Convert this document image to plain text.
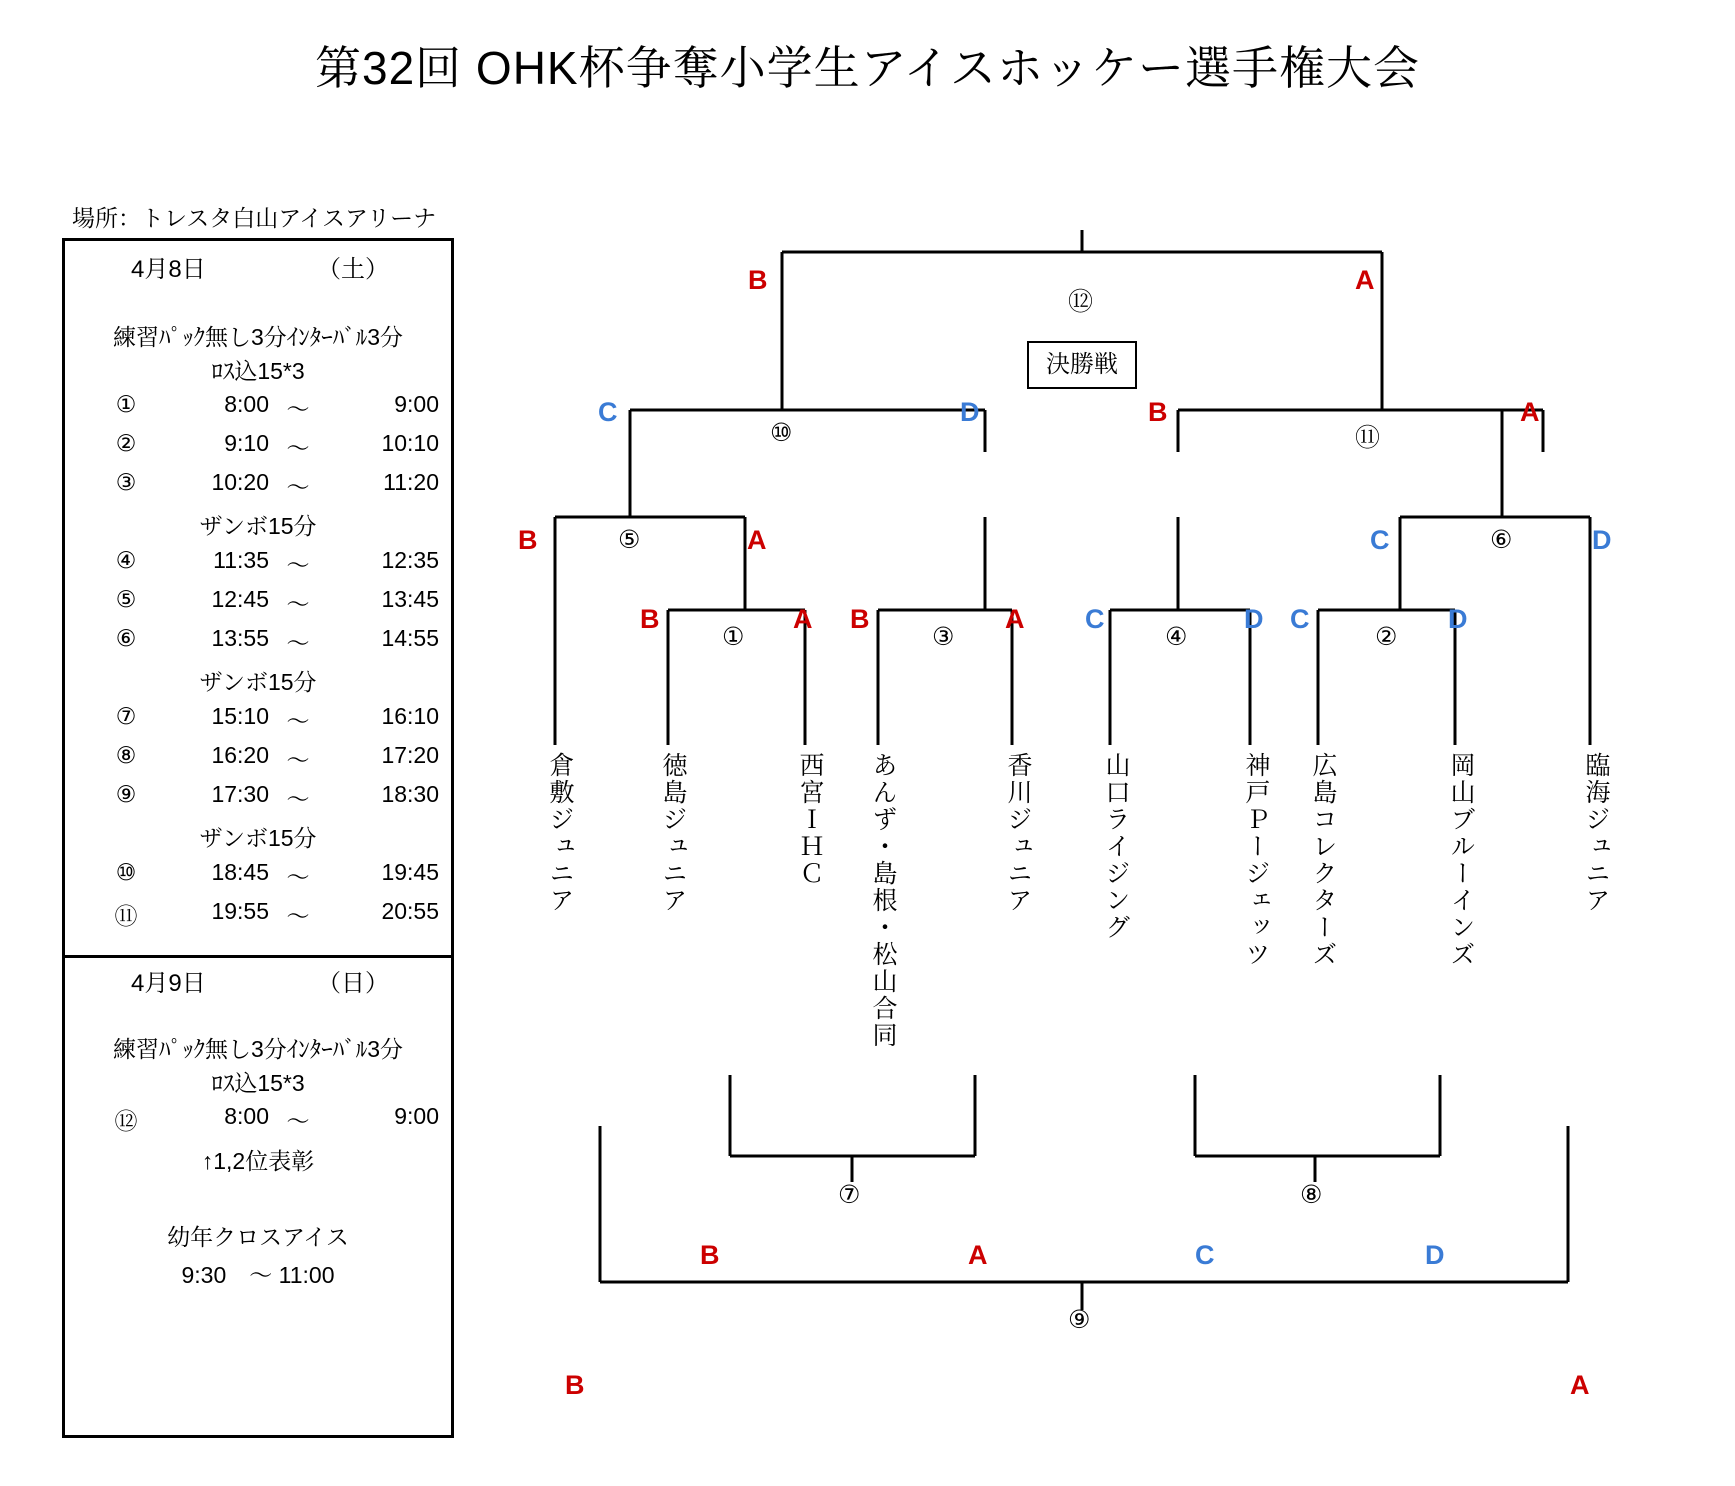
第32回 OHK杯争奪小学生アイスホッケー選手権大会
場所：トレスタ白山アイスアリーナ
4月8日	（土）
練習ﾊﾟｯｸ無し3分ｲﾝﾀｰﾊﾞﾙ3分
ﾛｽ込15*3
①	8:00 ～	9:00
②	9:10 ～	10:10
③	10:20 ～	11:20
ザンボ15分
④	11:35 ～	12:35
⑤	12:45 ～	13:45
⑥	13:55 ～	14:55
ザンボ15分
⑦	15:10 ～	16:10
⑧	16:20 ～	17:20
⑨	17:30 ～	18:30
ザンボ15分
⑩	18:45 ～	19:45
⑪	19:55 ～	20:55
4月9日	（日）
練習ﾊﾟｯｸ無し3分ｲﾝﾀｰﾊﾞﾙ3分
ﾛｽ込15*3
⑫	8:00 ～	9:00
↑1,2位表彰
幼年クロスアイス
9:30　～ 11:00
決勝戦
B	A
C	D	B	A
B	A	C	D
B	A B	A C	D C	D
B	A	C	D
B	A
⑫
⑩	⑪
⑤	⑥
①	③	④	②
⑦	⑧
⑨
倉敷ジュニア	徳島ジュニア	西宮ＩＨＣ あんず・島根・松山合同	香川ジュニア	山口ライジング	神戸Ｐージェッツ 広島コレクターズ	岡山ブルーインズ	臨海ジュニア
